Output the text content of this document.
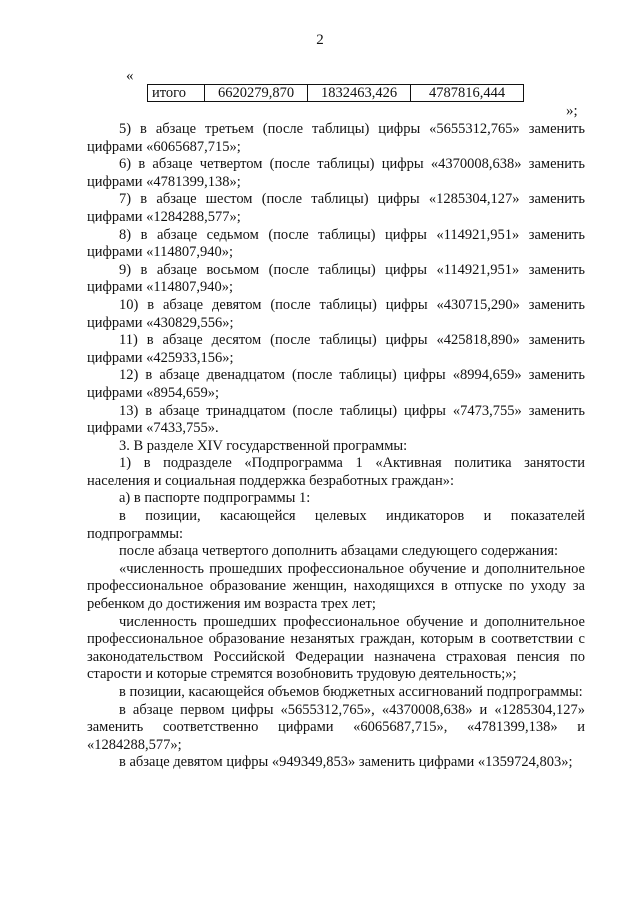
2
«
итого	6620279,870	1832463,426	4787816,444
»;

5) в абзаце третьем (после таблицы) цифры «5655312,765» заменить цифрами «6065687,715»;

6) в абзаце четвертом (после таблицы) цифры «4370008,638» заменить цифрами «4781399,138»;

7) в абзаце шестом (после таблицы) цифры «1285304,127» заменить цифрами «1284288,577»;

8) в абзаце седьмом (после таблицы) цифры «114921,951» заменить цифрами «114807,940»;

9) в абзаце восьмом (после таблицы) цифры «114921,951» заменить цифрами «114807,940»;

10) в абзаце девятом (после таблицы) цифры «430715,290» заменить цифрами «430829,556»;

11) в абзаце десятом (после таблицы) цифры «425818,890» заменить цифрами «425933,156»;

12) в абзаце двенадцатом (после таблицы) цифры «8994,659» заменить цифрами «8954,659»;

13) в абзаце тринадцатом (после таблицы) цифры «7473,755» заменить цифрами «7433,755».

3. В разделе XIV государственной программы:

1) в подразделе «Подпрограмма 1 «Активная политика занятости населения и социальная поддержка безработных граждан»:

а) в паспорте подпрограммы 1:

в позиции, касающейся целевых индикаторов и показателей подпрограммы:

после абзаца четвертого дополнить абзацами следующего содержания:

«численность прошедших профессиональное обучение и дополнительное профессиональное образование женщин, находящихся в отпуске по уходу за ребенком до достижения им возраста трех лет;

численность прошедших профессиональное обучение и дополнительное профессиональное образование незанятых граждан, которым в соответствии с законодательством Российской Федерации назначена страховая пенсия по старости и которые стремятся возобновить трудовую деятельность;»;

в позиции, касающейся объемов бюджетных ассигнований подпрограммы:

в абзаце первом цифры «5655312,765», «4370008,638» и «1285304,127» заменить соответственно цифрами «6065687,715», «4781399,138» и «1284288,577»;

в абзаце девятом цифры «949349,853» заменить цифрами «1359724,803»;
